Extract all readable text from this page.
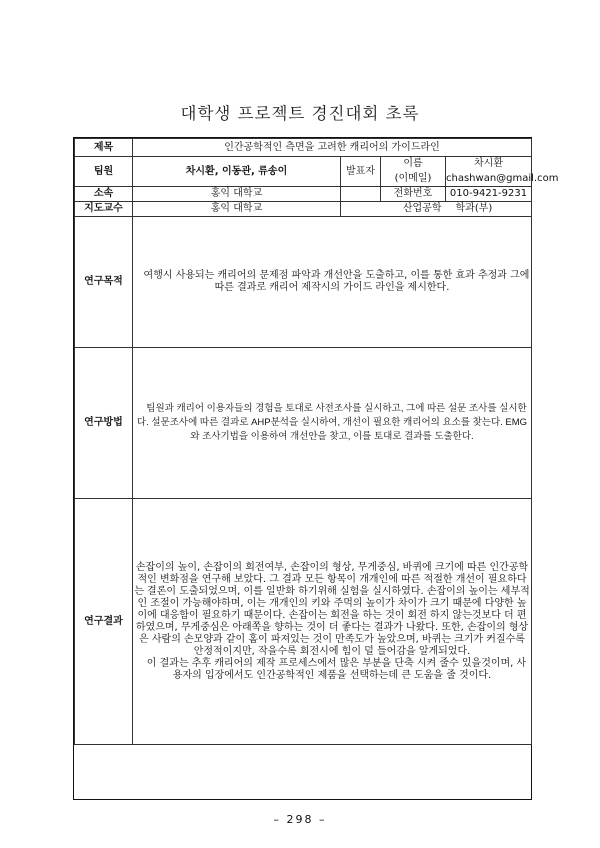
대학생 프로젝트 경진대회 초록
제목	인간공학적인 측면을 고려한 캐리어의 가이드라인			
팀원	차시환, 이동관, 류송이	발표자	이름	차시환
			(이메일)	chashwan@gmail.com
소속	홍익 대학교		전화번호	010-9421-9231
지도교수	홍익 대학교	산업공학		학과(부)
연구목적	여행시 사용되는 캐리어의 문제점 파악과 개선안을 도출하고, 이를 통한 효과 추정과 그에 따른 결과로 캐리어 제작시의 가이드 라인을 제시한다.			

연구방법	팀원과 캐리어 이용자들의 경험을 토대로 사전조사를 실시하고, 그에 따른 설문 조사를 실시한다. 설문조사에 따른 결과로 AHP분석을 실시하여, 개선이 필요한 캐리어의 요소를 찾는다. EMG와 조사기법을 이용하여 개선안을 찾고, 이를 토대로 결과를 도출한다.			

연구결과	손잡이의 높이, 손잡이의 회전여부, 손잡이의 형상, 무게중심, 바퀴에 크기에 따른 인간공학적인 변화점을 연구해 보았다. 그 결과 모든 항목이 개개인에 따른 적절한 개선이 필요하다는 결론이 도출되었으며, 이를 일반화 하기위해 실험을 실시하였다. 손잡이의 높이는 세부적인 조절이 가능해야하며, 이는 개개인의 키와 주먹의 높이가 차이가 크기 때문에 다양한 높이에 대응함이 필요하기 때문이다. 손잡이는 회전을 하는 것이 회전 하지 않는것보다 더 편하였으며, 무게중심은 아래쪽을 향하는 것이 더 좋다는 결과가 나왔다. 또한, 손잡이의 형상은 사람의 손모양과 같이 홈이 파져있는 것이 만족도가 높았으며, 바퀴는 크기가 커질수록 안정적이지만, 작을수록 회전시에 힘이 덜 들어감을 알게되었다.

이 결과는 추후 캐리어의 제작 프로세스에서 많은 부분을 단축 시켜 줄수 있을것이며, 사용자의 입장에서도 인간공학적인 제품을 선택하는데 큰 도움을 줄 것이다.			

– 298 –
